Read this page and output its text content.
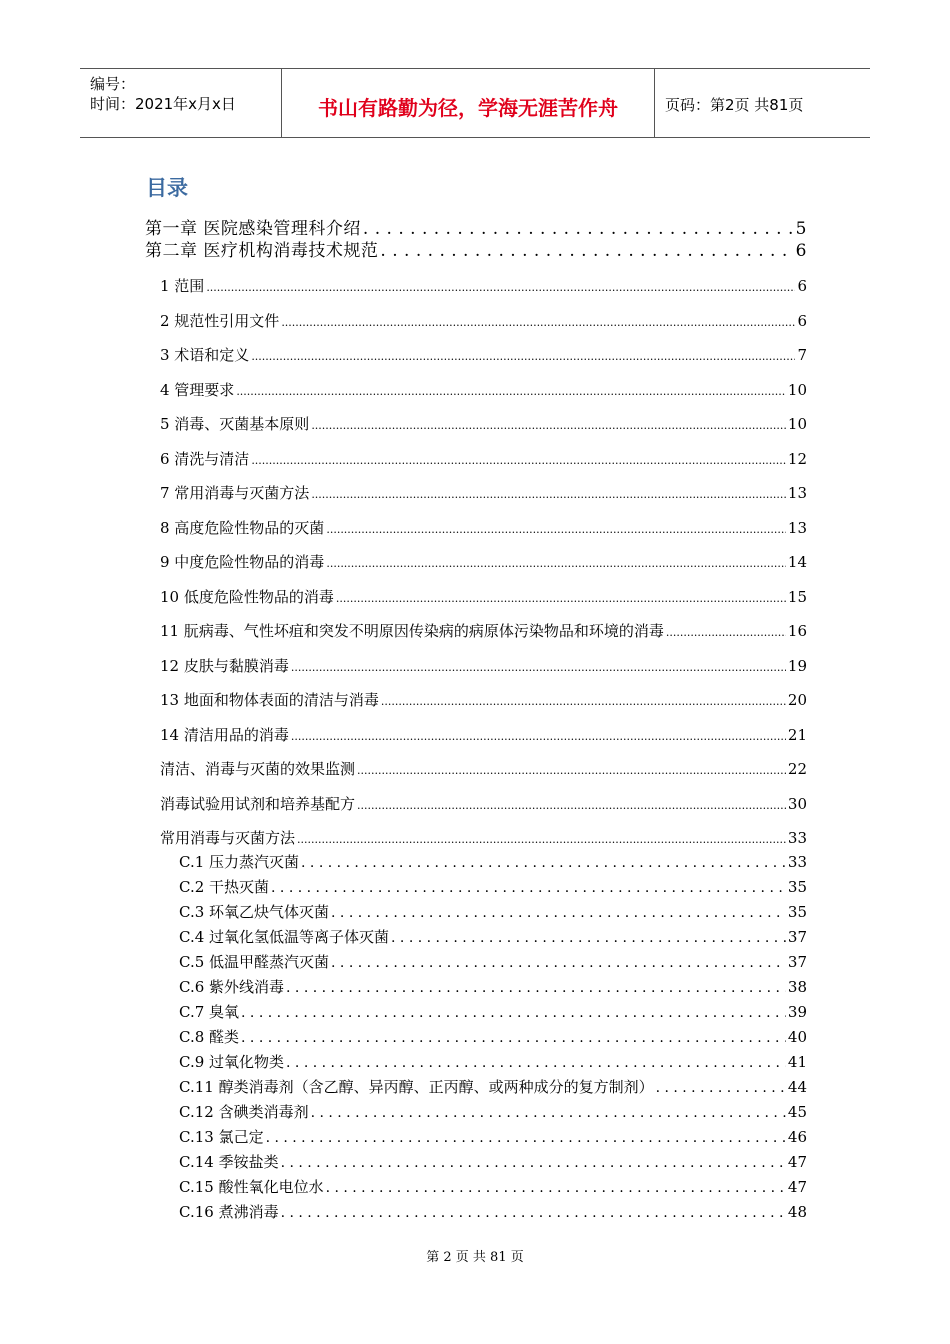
编号：
时间：2021年x月x日	书山有路勤为径，学海无涯苦作舟	页码：第2页 共81页
目录
第一章 医院感染管理科介绍 . . .	5
第二章 医疗机构消毒技术规范 . . .	6
1 范围 .....	6
2 规范性引用文件 .....	6
3 术语和定义 .....	7
4 管理要求 .....	10
5 消毒、灭菌基本原则 .....	10
6 清洗与清洁 .....	12
7 常用消毒与灭菌方法 .....	13
8 高度危险性物品的灭菌 .....	13
9 中度危险性物品的消毒 .....	14
10 低度危险性物品的消毒 .....	15
11 朊病毒、气性坏疽和突发不明原因传染病的病原体污染物品和环境的消毒 .....	16
12 皮肤与黏膜消毒 .....	19
13 地面和物体表面的清洁与消毒 .....	20
14 清洁用品的消毒 .....	21
清洁、消毒与灭菌的效果监测 .....	22
消毒试验用试剂和培养基配方 .....	30
常用消毒与灭菌方法 .....	33
C.1 压力蒸汽灭菌 . . .	33
C.2 干热灭菌 . . .	35
C.3 环氧乙炔气体灭菌 . . .	35
C.4 过氧化氢低温等离子体灭菌 . . .	37
C.5 低温甲醛蒸汽灭菌 . . .	37
C.6 紫外线消毒 . . .	38
C.7 臭氧 . . .	39
C.8 醛类 . . .	40
C.9 过氧化物类 . . .	41
C.11 醇类消毒剂（含乙醇、异丙醇、正丙醇、或两种成分的复方制剂） . . .	44
C.12 含碘类消毒剂 . . .	45
C.13 氯己定 . . .	46
C.14 季铵盐类 . . .	47
C.15 酸性氧化电位水 . . .	47
C.16 煮沸消毒 . . .	48
第 2 页 共 81 页
